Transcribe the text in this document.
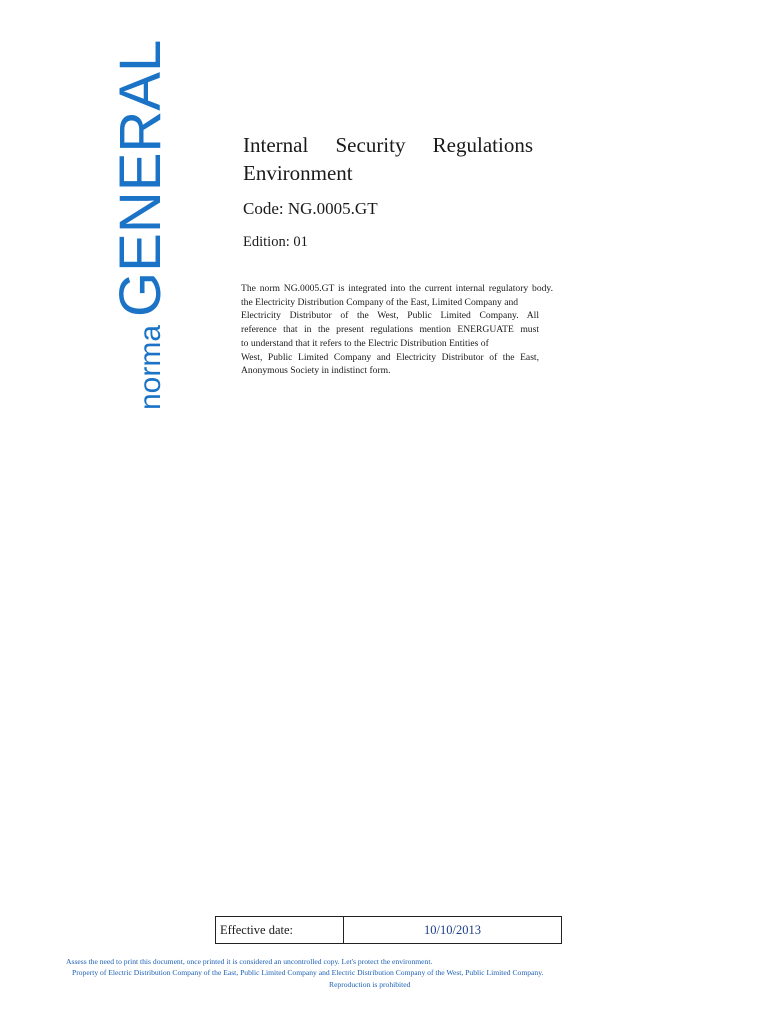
normaGENERAL	Internal Security Regulations
Environment
Code: NG.0005.GT
Edition: 01
The norm NG.0005.GT is integrated into the current internal regulatory body.
the Electricity Distribution Company of the East, Limited Company and
Electricity Distributor of the West, Public Limited Company. All
reference that in the present regulations mention ENERGUATE must
to understand that it refers to the Electric Distribution Entities of
West, Public Limited Company and Electricity Distributor of the East,
Anonymous Society in indistinct form.
Effective date:	10/10/2013
Assess the need to print this document, once printed it is considered an uncontrolled copy. Let's protect the environment.
Property of Electric Distribution Company of the East, Public Limited Company and Electric Distribution Company of the West, Public Limited Company.
Reproduction is prohibited
